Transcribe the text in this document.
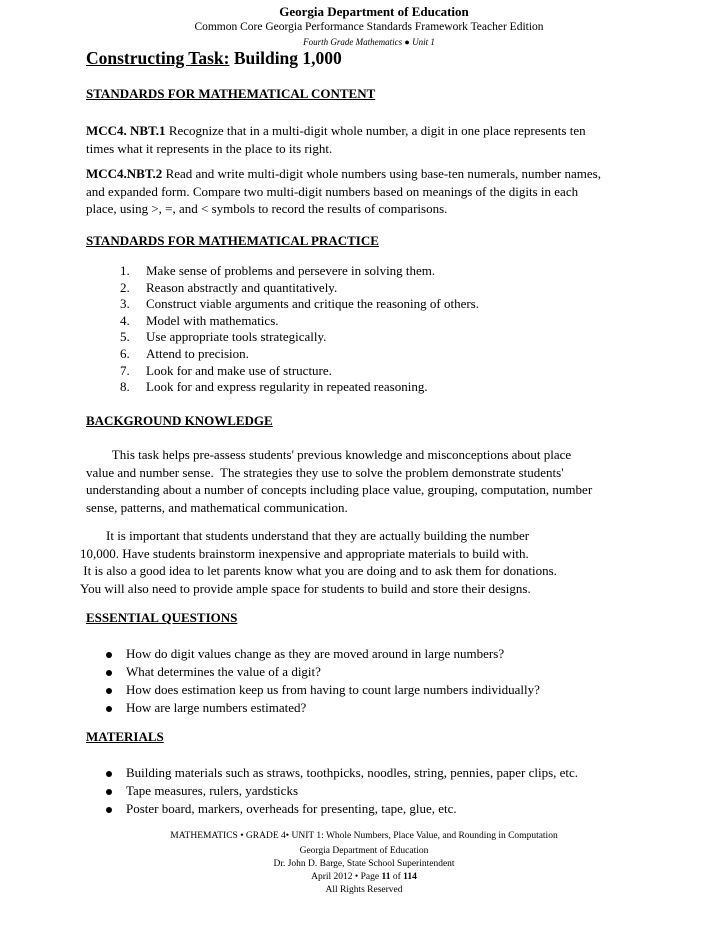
Georgia Department of Education
Common Core Georgia Performance Standards Framework Teacher Edition
Fourth Grade Mathematics ● Unit 1
Constructing Task: Building 1,000
STANDARDS FOR MATHEMATICAL CONTENT
MCC4. NBT.1 Recognize that in a multi-digit whole number, a digit in one place represents ten
times what it represents in the place to its right.
MCC4.NBT.2 Read and write multi-digit whole numbers using base-ten numerals, number names,
and expanded form. Compare two multi-digit numbers based on meanings of the digits in each
place, using >, =, and < symbols to record the results of comparisons.
STANDARDS FOR MATHEMATICAL PRACTICE
1. Make sense of problems and persevere in solving them.
2. Reason abstractly and quantitatively.
3. Construct viable arguments and critique the reasoning of others.
4. Model with mathematics.
5. Use appropriate tools strategically.
6. Attend to precision.
7. Look for and make use of structure.
8. Look for and express regularity in repeated reasoning.
BACKGROUND KNOWLEDGE
This task helps pre-assess students' previous knowledge and misconceptions about place
value and number sense.  The strategies they use to solve the problem demonstrate students'
understanding about a number of concepts including place value, grouping, computation, number
sense, patterns, and mathematical communication.
It is important that students understand that they are actually building the number
10,000. Have students brainstorm inexpensive and appropriate materials to build with.
It is also a good idea to let parents know what you are doing and to ask them for donations.
You will also need to provide ample space for students to build and store their designs.
ESSENTIAL QUESTIONS
How do digit values change as they are moved around in large numbers?
What determines the value of a digit?
How does estimation keep us from having to count large numbers individually?
How are large numbers estimated?
MATERIALS
Building materials such as straws, toothpicks, noodles, string, pennies, paper clips, etc.
Tape measures, rulers, yardsticks
Poster board, markers, overheads for presenting, tape, glue, etc.
MATHEMATICS • GRADE 4• UNIT 1: Whole Numbers, Place Value, and Rounding in Computation
Georgia Department of Education
Dr. John D. Barge, State School Superintendent
April 2012 • Page 11 of 114
All Rights Reserved
